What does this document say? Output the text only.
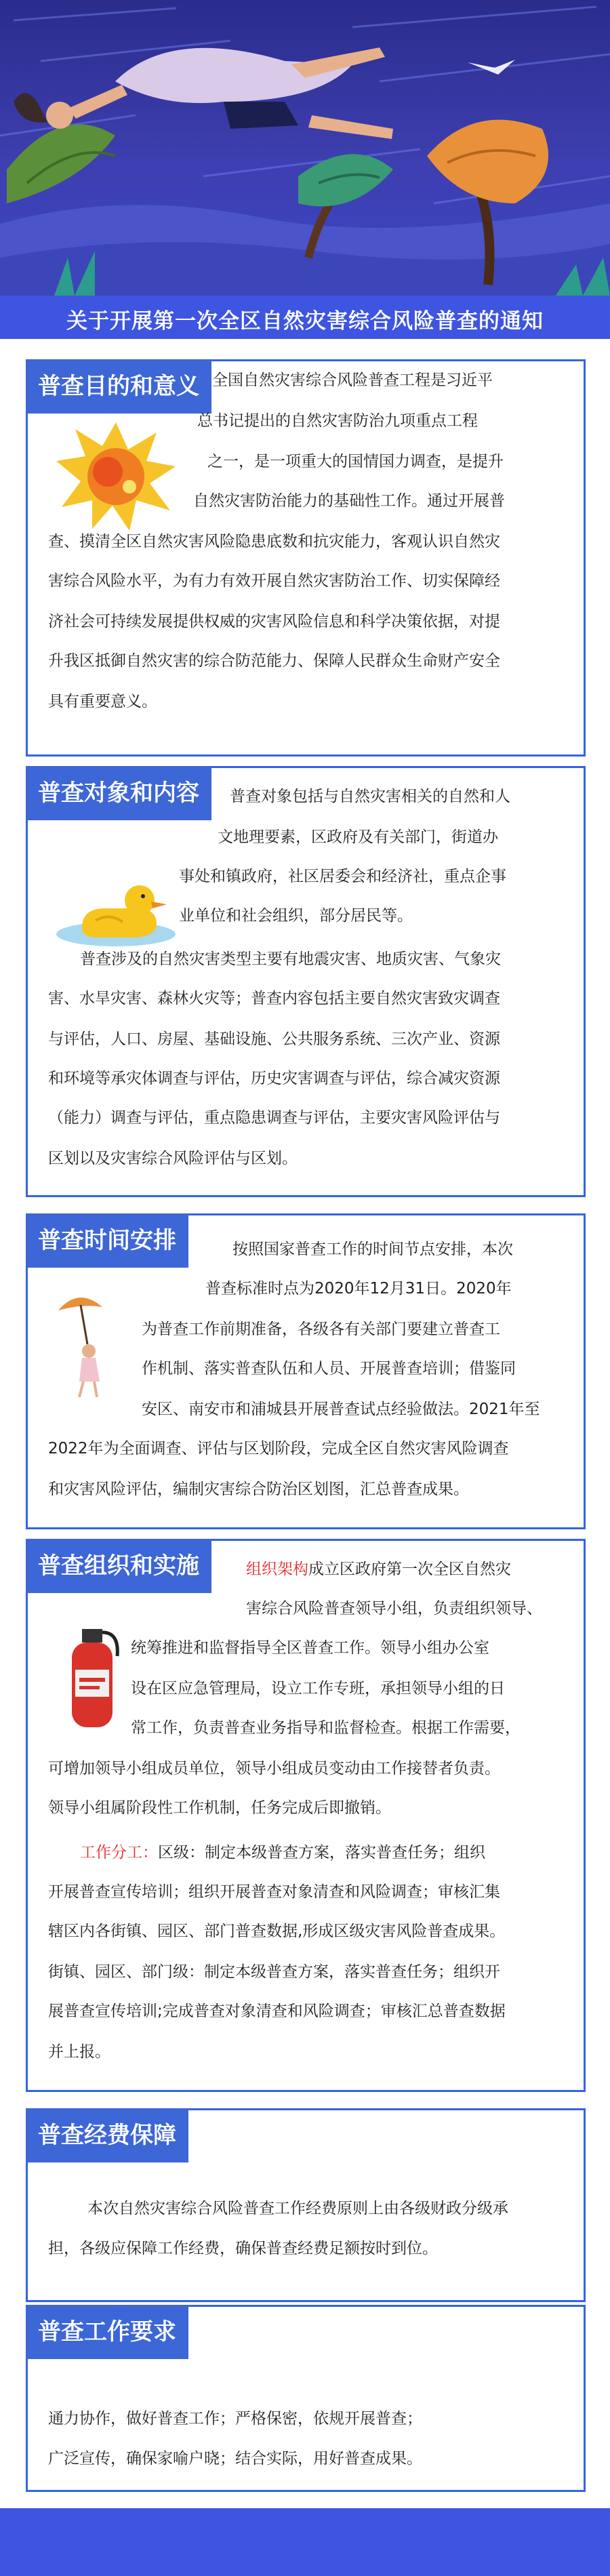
关于开展第一次全区自然灾害综合风险普查的通知
普查目的和意义 全国自然灾害综合风险普查工程是习近平
总书记提出的自然灾害防治九项重点工程
之一，是一项重大的国情国力调查，是提升
自然灾害防治能力的基础性工作。通过开展普
查、摸清全区自然灾害风险隐患底数和抗灾能力，客观认识自然灾
害综合风险水平，为有力有效开展自然灾害防治工作、切实保障经
济社会可持续发展提供权威的灾害风险信息和科学决策依据，对提
升我区抵御自然灾害的综合防范能力、保障人民群众生命财产安全
具有重要意义。
普查对象和内容	普查对象包括与自然灾害相关的自然和人
文地理要素，区政府及有关部门，街道办
事处和镇政府，社区居委会和经济社，重点企事
业单位和社会组织，部分居民等。
普查涉及的自然灾害类型主要有地震灾害、地质灾害、气象灾
害、水旱灾害、森林火灾等；普查内容包括主要自然灾害致灾调查
与评估，人口、房屋、基础设施、公共服务系统、三次产业、资源
和环境等承灾体调查与评估，历史灾害调查与评估，综合减灾资源
（能力）调查与评估，重点隐患调查与评估，主要灾害风险评估与
区划以及灾害综合风险评估与区划。
普查时间安排	按照国家普查工作的时间节点安排，本次
普查标准时点为2020年12月31日。2020年
为普查工作前期准备，各级各有关部门要建立普查工
作机制、落实普查队伍和人员、开展普查培训；借鉴同
安区、南安市和浦城县开展普查试点经验做法。2021年至
2022年为全面调查、评估与区划阶段，完成全区自然灾害风险调查
和灾害风险评估，编制灾害综合防治区划图，汇总普查成果。
普查组织和实施	组织架构成立区政府第一次全区自然灾
害综合风险普查领导小组，负责组织领导、
统筹推进和监督指导全区普查工作。领导小组办公室
设在区应急管理局，设立工作专班，承担领导小组的日
常工作，负责普查业务指导和监督检查。根据工作需要，
可增加领导小组成员单位，领导小组成员变动由工作接替者负责。
领导小组属阶段性工作机制，任务完成后即撤销。
工作分工：区级：制定本级普查方案，落实普查任务；组织
开展普查宣传培训；组织开展普查对象清查和风险调查；审核汇集
辖区内各街镇、园区、部门普查数据,形成区级灾害风险普查成果。
街镇、园区、部门级：制定本级普查方案，落实普查任务；组织开
展普查宣传培训;完成普查对象清查和风险调查；审核汇总普查数据
并上报。
普查经费保障
本次自然灾害综合风险普查工作经费原则上由各级财政分级承
担，各级应保障工作经费，确保普查经费足额按时到位。
普查工作要求
通力协作，做好普查工作；严格保密，依规开展普查；
广泛宣传，确保家喻户晓；结合实际，用好普查成果。
